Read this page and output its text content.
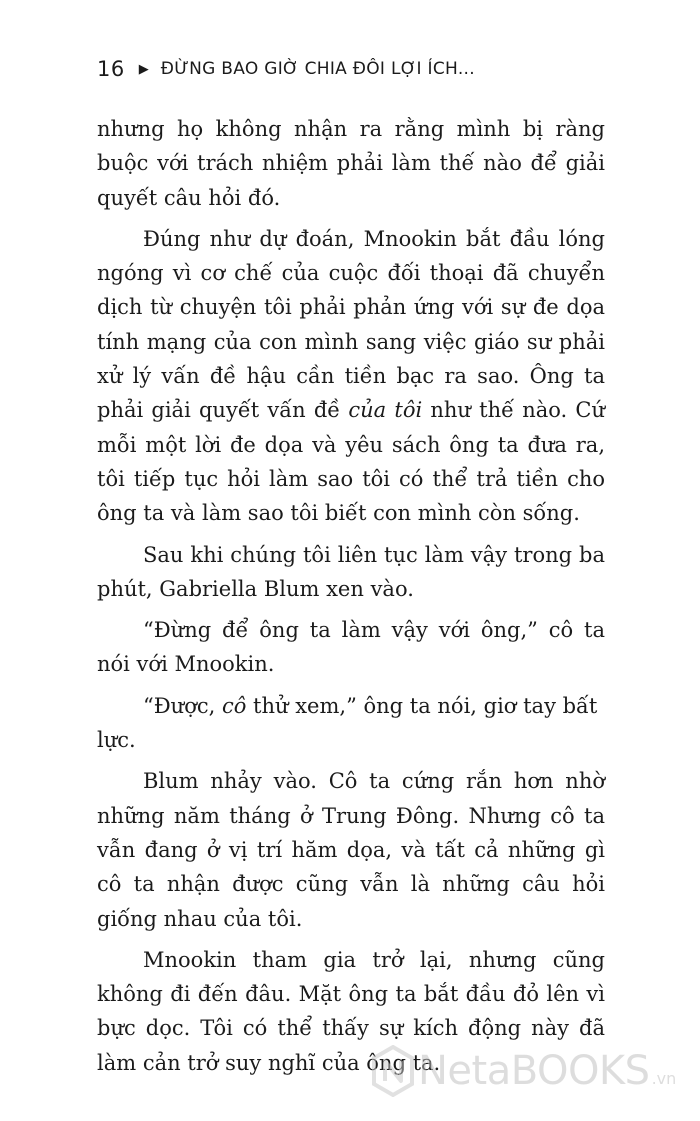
16 ▶ ĐỪNG BAO GIỜ CHIA ĐÔI LỢI ÍCH...

nhưng họ không nhận ra rằng mình bị ràng buộc với trách nhiệm phải làm thế nào để giải quyết câu hỏi đó.

Đúng như dự đoán, Mnookin bắt đầu lóng ngóng vì cơ chế của cuộc đối thoại đã chuyển dịch từ chuyện tôi phải phản ứng với sự đe dọa tính mạng của con mình sang việc giáo sư phải xử lý vấn đề hậu cần tiền bạc ra sao. Ông ta phải giải quyết vấn đề của tôi như thế nào. Cứ mỗi một lời đe dọa và yêu sách ông ta đưa ra, tôi tiếp tục hỏi làm sao tôi có thể trả tiền cho ông ta và làm sao tôi biết con mình còn sống.

Sau khi chúng tôi liên tục làm vậy trong ba phút, Gabriella Blum xen vào.

“Đừng để ông ta làm vậy với ông,” cô ta nói với Mnookin.

“Được, cô thử xem,” ông ta nói, giơ tay bất lực.

Blum nhảy vào. Cô ta cứng rắn hơn nhờ những năm tháng ở Trung Đông. Nhưng cô ta vẫn đang ở vị trí hăm dọa, và tất cả những gì cô ta nhận được cũng vẫn là những câu hỏi giống nhau của tôi.

Mnookin tham gia trở lại, nhưng cũng không đi đến đâu. Mặt ông ta bắt đầu đỏ lên vì bực dọc. Tôi có thể thấy sự kích động này đã làm cản trở suy nghĩ của ông ta.

NetaBOOKS .vn
